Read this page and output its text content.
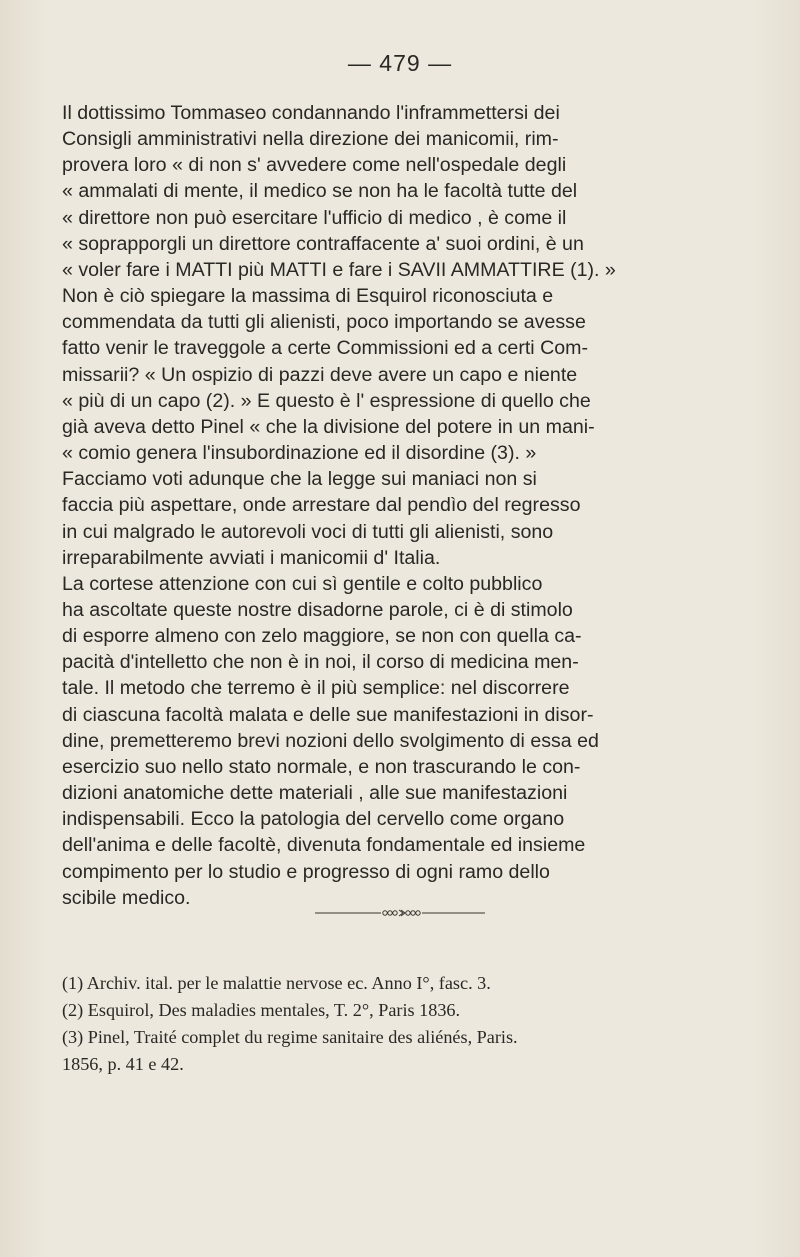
— 479 —
Il dottissimo Tommaseo condannando l'inframmettersi dei
Consigli amministrativi nella direzione dei manicomii, rim-
provera loro « di non s' avvedere come nell'ospedale degli
« ammalati di mente, il medico se non ha le facoltà tutte del
« direttore non può esercitare l'ufficio di medico , è come il
« soprapporgli un direttore contraffacente a' suoi ordini, è un
« voler fare i MATTI più MATTI e fare i SAVII AMMATTIRE (1). »
Non è ciò spiegare la massima di Esquirol riconosciuta e
commendata da tutti gli alienisti, poco importando se avesse
fatto venir le traveggole a certe Commissioni ed a certi Com-
missarii? « Un ospizio di pazzi deve avere un capo e niente
« più di un capo (2). » E questo è l' espressione di quello che
già aveva detto Pinel « che la divisione del potere in un mani-
« comio genera l'insubordinazione ed il disordine (3). »
Facciamo voti adunque che la legge sui maniaci non si
faccia più aspettare, onde arrestare dal pendìo del regresso
in cui malgrado le autorevoli voci di tutti gli alienisti, sono
irreparabilmente avviati i manicomii d' Italia.
La cortese attenzione con cui sì gentile e colto pubblico
ha ascoltate queste nostre disadorne parole, ci è di stimolo
di esporre almeno con zelo maggiore, se non con quella ca-
pacità d'intelletto che non è in noi, il corso di medicina men-
tale. Il metodo che terremo è il più semplice: nel discorrere
di ciascuna facoltà malata e delle sue manifestazioni in disor-
dine, premetteremo brevi nozioni dello svolgimento di essa ed
esercizio suo nello stato normale, e non trascurando le con-
dizioni anatomiche dette materiali , alle sue manifestazioni
indispensabili. Ecco la patologia del cervello come organo
dell'anima e delle facoltè, divenuta fondamentale ed insieme
compimento per lo studio e progresso di ogni ramo dello
scibile medico.
(1) Archiv. ital. per le malattie nervose ec. Anno I°, fasc. 3.
(2) Esquirol, Des maladies mentales, T. 2°, Paris 1836.
(3) Pinel, Traité complet du regime sanitaire des aliénés, Paris.
1856, p. 41 e 42.
